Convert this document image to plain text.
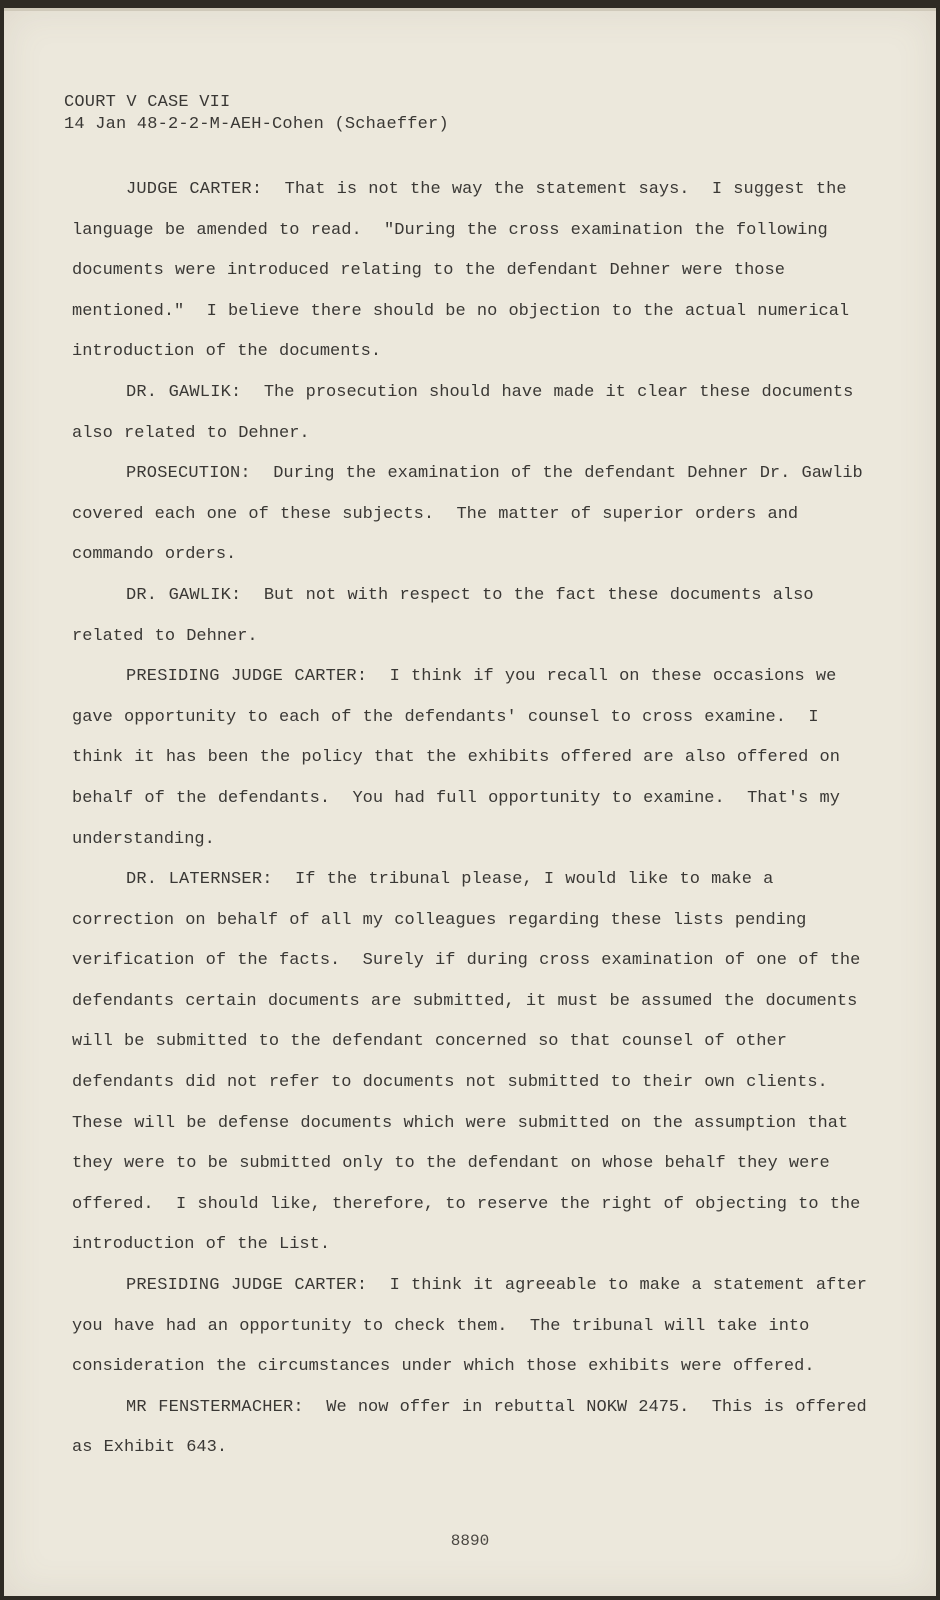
COURT V CASE VII
14 Jan 48-2-2-M-AEH-Cohen (Schaeffer)

JUDGE CARTER: That is not the way the statement says.  I suggest the language be amended to read.  "During the cross examination the following documents were introduced relating to the defendant Dehner were those mentioned."  I believe there should be no objection to the actual numerical introduction of the documents.

DR. GAWLIK: The prosecution should have made it clear these documents also related to Dehner.

PROSECUTION: During the examination of the defendant Dehner Dr. Gawlib covered each one of these subjects.  The matter of superior orders and commando orders.

DR. GAWLIK: But not with respect to the fact these documents also related to Dehner.

PRESIDING JUDGE CARTER: I think if you recall on these occasions we gave opportunity to each of the defendants' counsel to cross examine.  I think it has been the policy that the exhibits offered are also offered on behalf of the defendants.  You had full opportunity to examine.  That's my understanding.

DR. LATERNSER: If the tribunal please, I would like to make a correction on behalf of all my colleagues regarding these lists pending verification of the facts.  Surely if during cross examination of one of the defendants certain documents are submitted, it must be assumed the documents will be submitted to the defendant concerned so that counsel of other defendants did not refer to documents not submitted to their own clients.  These will be defense documents which were submitted on the assumption that they were to be submitted only to the defendant on whose behalf they were offered.  I should like, therefore, to reserve the right of objecting to the introduction of the List.

PRESIDING JUDGE CARTER: I think it agreeable to make a statement after you have had an opportunity to check them.  The tribunal will take into consideration the circumstances under which those exhibits were offered.

MR FENSTERMACHER: We now offer in rebuttal NOKW 2475.  This is offered as Exhibit 643.

8890
